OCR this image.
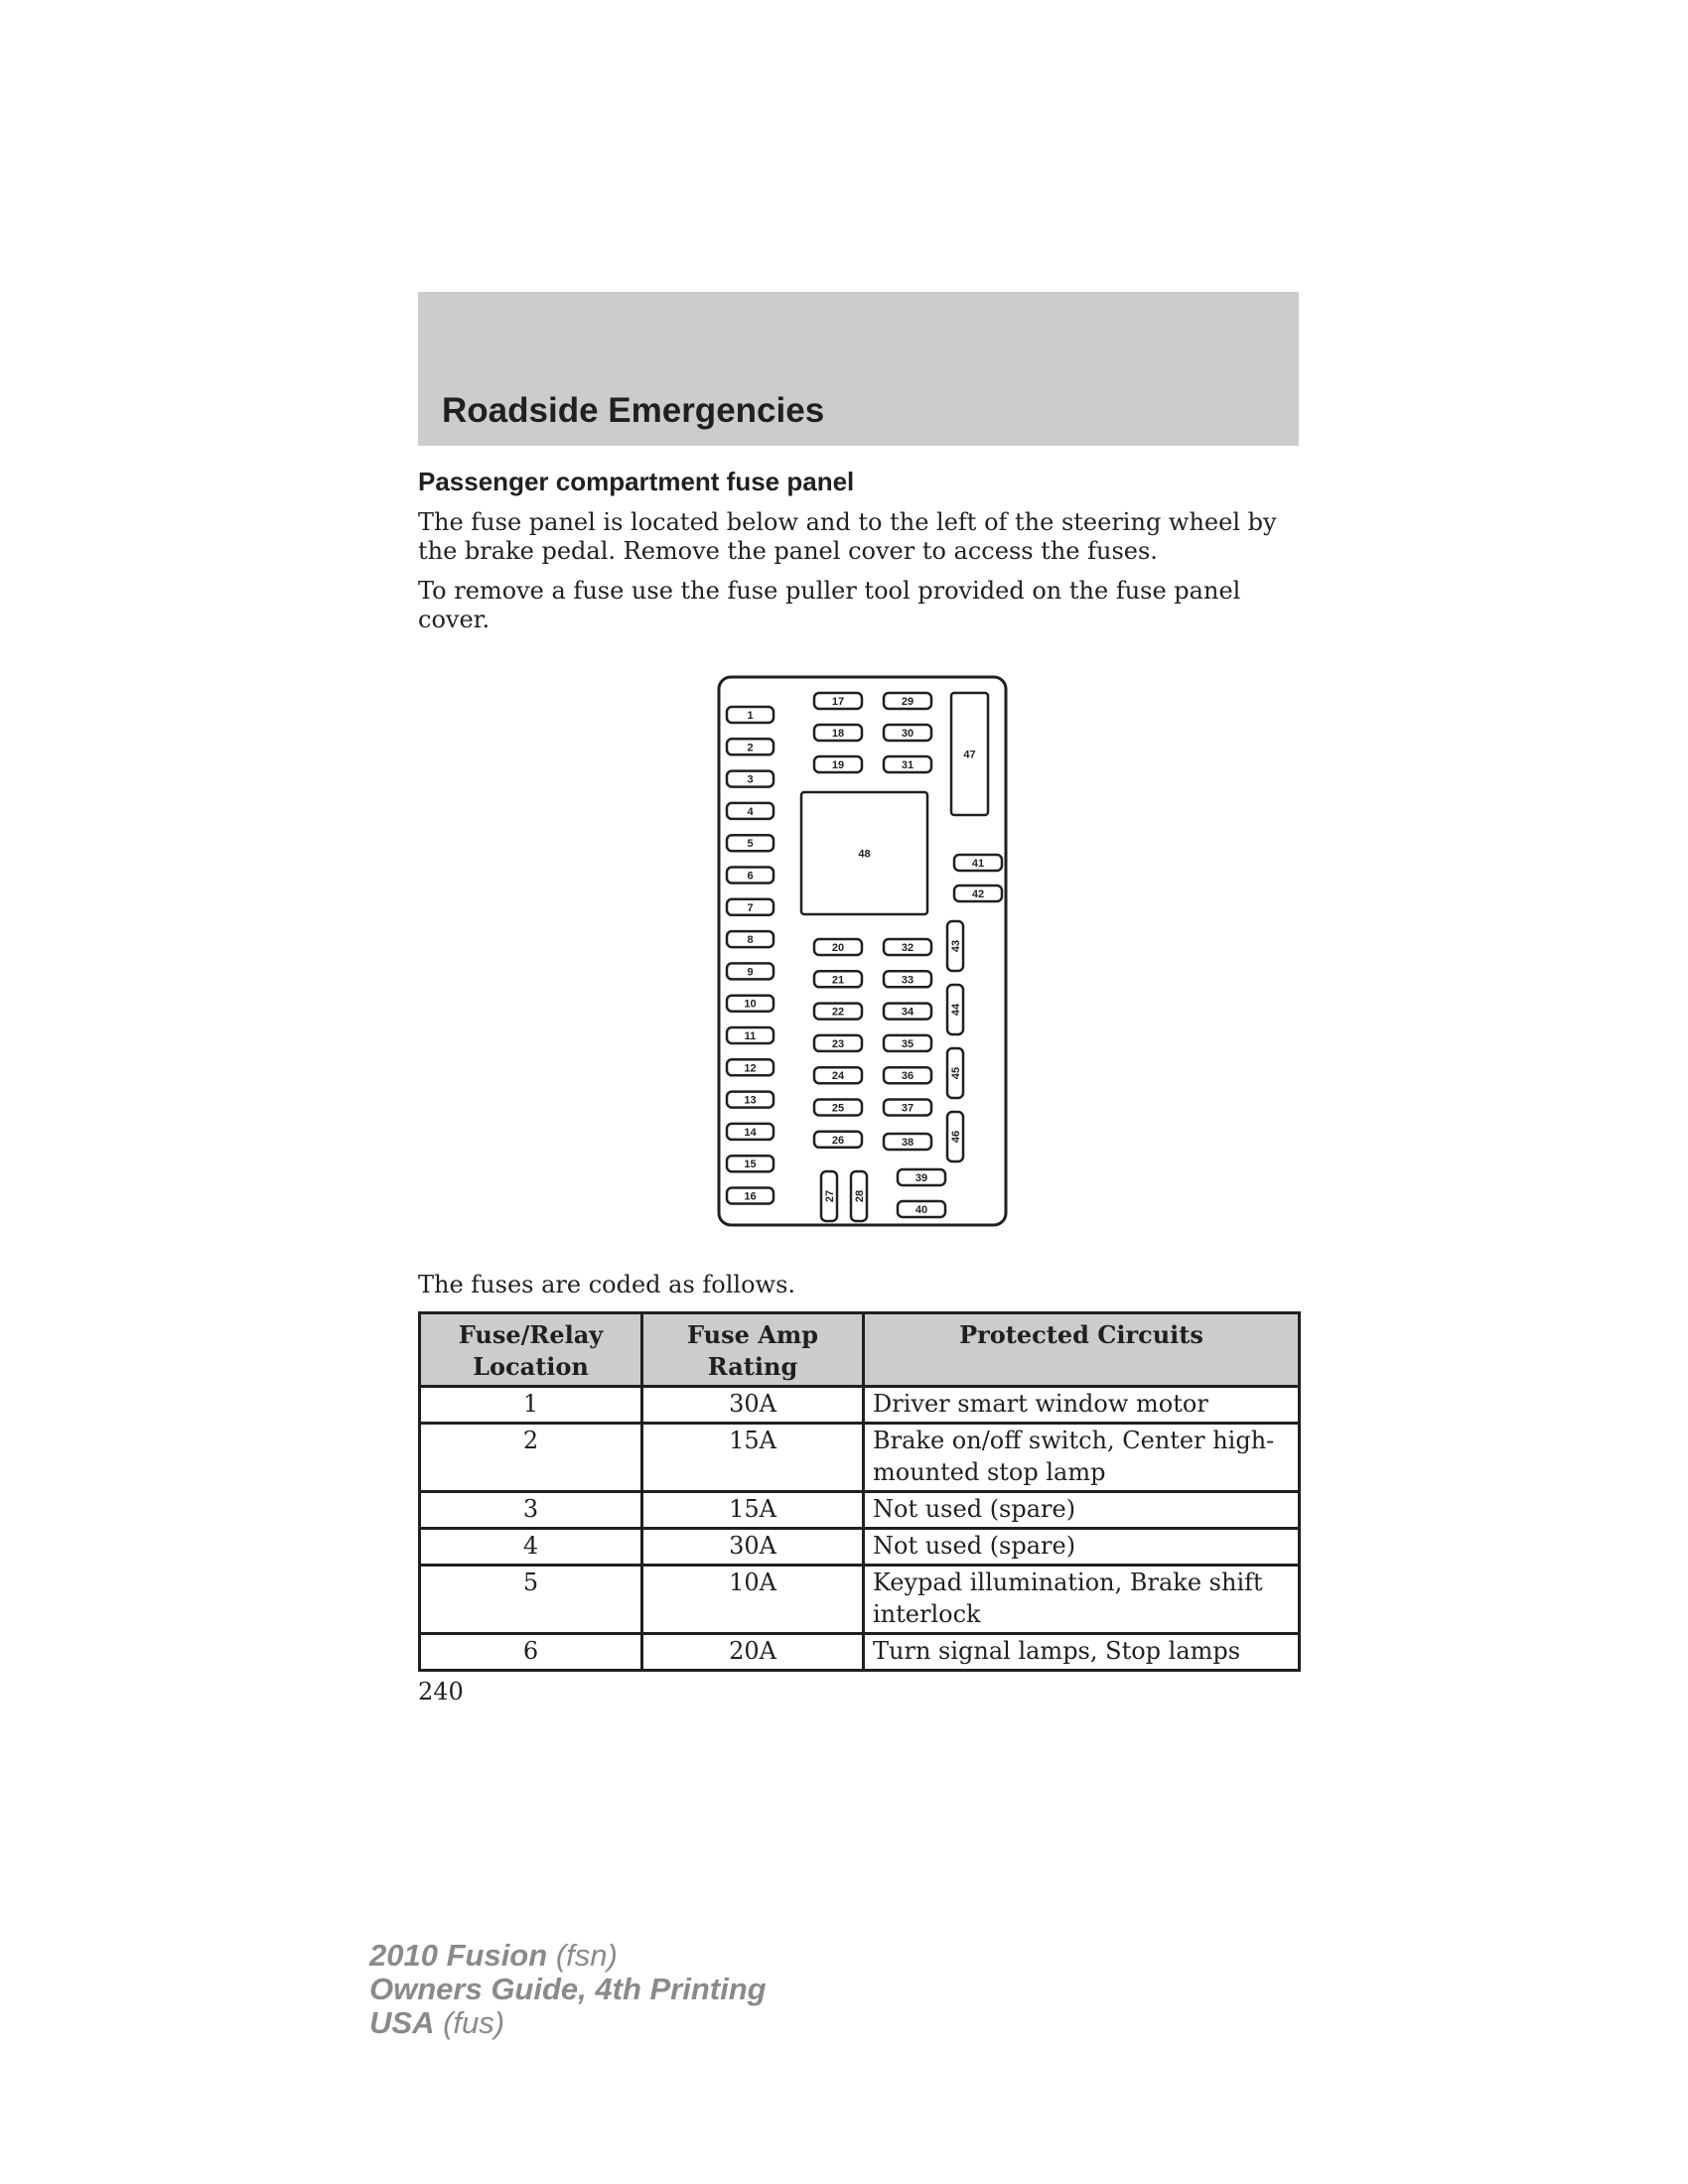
Roadside Emergencies
Passenger compartment fuse panel

The fuse panel is located below and to the left of the steering wheel by the brake pedal. Remove the panel cover to access the fuses.

To remove a fuse use the fuse puller tool provided on the fuse panel cover.

1
2
3
4
5
6
7
8
9
10
11
12
13
14
15
16
17
18
19
20
21
22
23
24
25
26
27 28
29
30
31
32
33
34
35
36
37
38
39
40
41
42
43
44
45
46
47
48

The fuses are coded as follows.

Fuse/Relay Location	Fuse Amp Rating	Protected Circuits
1	30A	Driver smart window motor
2	15A	Brake on/off switch, Center high-mounted stop lamp
3	15A	Not used (spare)
4	30A	Not used (spare)
5	10A	Keypad illumination, Brake shift interlock
6	20A	Turn signal lamps, Stop lamps

240

2010 Fusion (fsn)
Owners Guide, 4th Printing
USA (fus)
